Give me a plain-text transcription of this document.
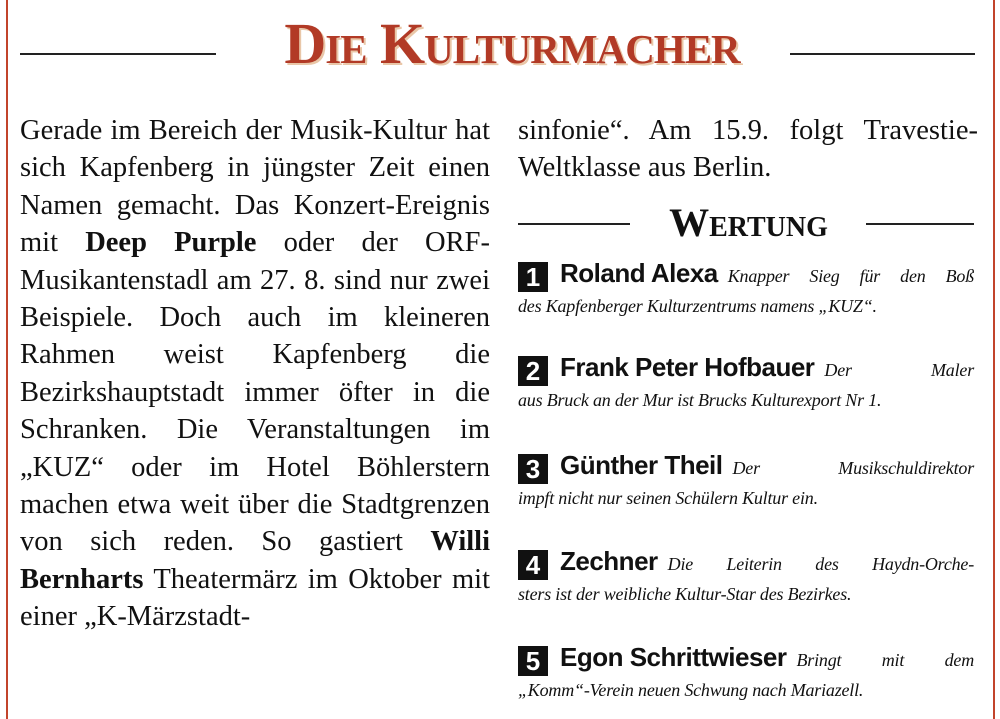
Die Kulturmacher

Gerade im Bereich der Musik-Kultur hat sich Kapfenberg in jüngster Zeit einen Namen gemacht. Das Konzert-Ereignis mit Deep Purple oder der ORF-Musikantenstadl am 27. 8. sind nur zwei Beispiele. Doch auch im kleineren Rahmen weist Kapfenberg die Bezirkshauptstadt immer öfter in die Schranken. Die Veranstaltungen im „KUZ“ oder im Hotel Böhlerstern machen etwa weit über die Stadtgrenzen von sich reden. So gastiert Willi Bernharts Theatermärz im Oktober mit einer „K-Märzstadt-

sinfonie“. Am 15.9. folgt Travestie-Weltklasse aus Berlin.

Wertung
1 Roland Alexa Knapper Sieg für den Boß
des Kapfenberger Kulturzentrums namens „KUZ“.
2 Frank Peter Hofbauer Der Maler
aus Bruck an der Mur ist Brucks Kulturexport Nr 1.
3 Günther Theil Der Musikschuldirektor
impft nicht nur seinen Schülern Kultur ein.
4 Zechner Die Leiterin des Haydn-Orche-
sters ist der weibliche Kultur-Star des Bezirkes.
5 Egon Schrittwieser Bringt mit dem
„Komm“-Verein neuen Schwung nach Mariazell.
